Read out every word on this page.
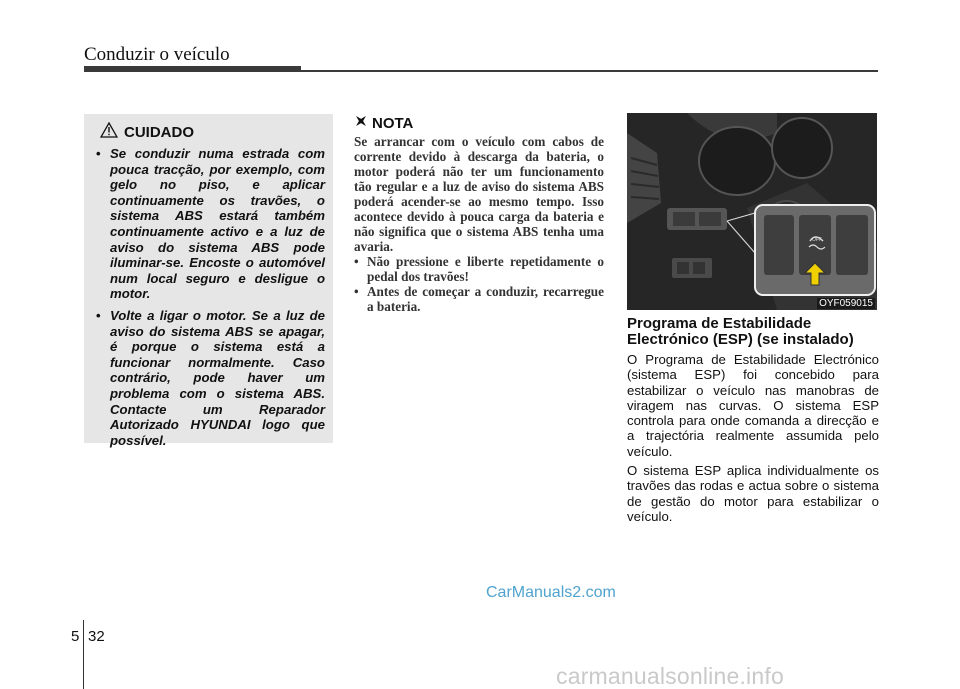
Conduzir o veículo
CUIDADO
• Se conduzir numa estrada com pouca tracção, por exemplo, com gelo no piso, e aplicar continuamente os travões, o sistema ABS estará também continuamente activo e a luz de aviso do sistema ABS pode iluminar-se. Encoste o automóvel num local seguro e desligue o motor.
• Volte a ligar o motor. Se a luz de aviso do sistema ABS se apagar, é porque o sistema está a funcionar normalmente. Caso contrário, pode haver um problema com o sistema ABS. Contacte um Reparador Autorizado HYUNDAI logo que possível.
NOTA
Se arrancar com o veículo com cabos de corrente devido à descarga da bateria, o motor poderá não ter um funcionamento tão regular e a luz de aviso do sistema ABS poderá acender-se ao mesmo tempo. Isso acontece devido à pouca carga da bateria e não significa que o sistema ABS tenha uma avaria.
• Não pressione e liberte repetidamente o pedal dos travões!
• Antes de começar a conduzir, recarregue a bateria.
OFF
OYF059015
Programa de Estabilidade Electrónico (ESP) (se instalado)

O Programa de Estabilidade Electrónico (sistema ESP) foi concebido para estabilizar o veículo nas manobras de viragem nas curvas. O sistema ESP controla para onde comanda a direcção e a trajectória realmente assumida pelo veículo.

O sistema ESP aplica individualmente os travões das rodas e actua sobre o sistema de gestão do motor para estabilizar o veículo.

CarManuals2.com
5 32
carmanualsonline.info
